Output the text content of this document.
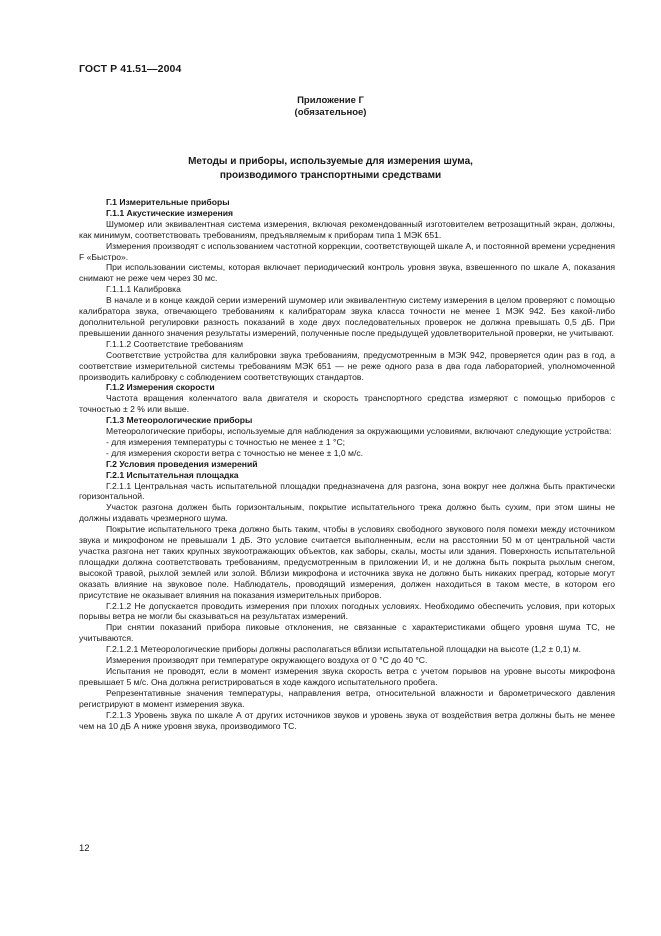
ГОСТ Р 41.51—2004
Приложение Г
(обязательное)
Методы и приборы, используемые для измерения шума,
производимого транспортными средствами

Г.1 Измерительные приборы

Г.1.1 Акустические измерения

Шумомер или эквивалентная система измерения, включая рекомендованный изготовителем ветрозащитный экран, должны, как минимум, соответствовать требованиям, предъявляемым к приборам типа 1 МЭК 651.

Измерения производят с использованием частотной коррекции, соответствующей шкале А, и постоянной времени усреднения F «Быстро».

При использовании системы, которая включает периодический контроль уровня звука, взвешенного по шкале А, показания снимают не реже чем через 30 мс.

Г.1.1.1 Калибровка

В начале и в конце каждой серии измерений шумомер или эквивалентную систему измерения в целом проверяют с помощью калибратора звука, отвечающего требованиям к калибраторам звука класса точности не менее 1 МЭК 942. Без какой-либо дополнительной регулировки разность показаний в ходе двух последовательных проверок не должна превышать 0,5 дБ. При превышении данного значения результаты измерений, полученные после предыдущей удовлетворительной проверки, не учитывают.

Г.1.1.2 Соответствие требованиям

Соответствие устройства для калибровки звука требованиям, предусмотренным в МЭК 942, проверяется один раз в год, а соответствие измерительной системы требованиям МЭК 651 — не реже одного раза в два года лабораторией, уполномоченной производить калибровку с соблюдением соответствующих стандартов.

Г.1.2 Измерения скорости

Частота вращения коленчатого вала двигателя и скорость транспортного средства измеряют с помощью приборов с точностью ± 2 % или выше.

Г.1.3 Метеорологические приборы

Метеорологические приборы, используемые для наблюдения за окружающими условиями, включают следующие устройства:

- для измерения температуры с точностью не менее ± 1 °С;

- для измерения скорости ветра с точностью не менее ± 1,0 м/с.

Г.2 Условия проведения измерений

Г.2.1 Испытательная площадка

Г.2.1.1 Центральная часть испытательной площадки предназначена для разгона, зона вокруг нее должна быть практически горизонтальной.

Участок разгона должен быть горизонтальным, покрытие испытательного трека должно быть сухим, при этом шины не должны издавать чрезмерного шума.

Покрытие испытательного трека должно быть таким, чтобы в условиях свободного звукового поля помехи между источником звука и микрофоном не превышали 1 дБ. Это условие считается выполненным, если на расстоянии 50 м от центральной части участка разгона нет таких крупных звукоотражающих объектов, как заборы, скалы, мосты или здания. Поверхность испытательной площадки должна соответствовать требованиям, предусмотренным в приложении И, и не должна быть покрыта рыхлым снегом, высокой травой, рыхлой землей или золой. Вблизи микрофона и источника звука не должно быть никаких преград, которые могут оказать влияние на звуковое поле. Наблюдатель, проводящий измерения, должен находиться в таком месте, в котором его присутствие не оказывает влияния на показания измерительных приборов.

Г.2.1.2 Не допускается проводить измерения при плохих погодных условиях. Необходимо обеспечить условия, при которых порывы ветра не могли бы сказываться на результатах измерений.

При снятии показаний прибора пиковые отклонения, не связанные с характеристиками общего уровня шума ТС, не учитываются.

Г.2.1.2.1 Метеорологические приборы должны располагаться вблизи испытательной площадки на высоте (1,2 ± 0,1) м.

Измерения производят при температуре окружающего воздуха от 0 °С до 40 °С.

Испытания не проводят, если в момент измерения звука скорость ветра с учетом порывов на уровне высоты микрофона превышает 5 м/с. Она должна регистрироваться в ходе каждого испытательного пробега.

Репрезентативные значения температуры, направления ветра, относительной влажности и барометрического давления регистрируют в момент измерения звука.

Г.2.1.3 Уровень звука по шкале А от других источников звуков и уровень звука от воздействия ветра должны быть не менее чем на 10 дБ А ниже уровня звука, производимого ТС.

12
